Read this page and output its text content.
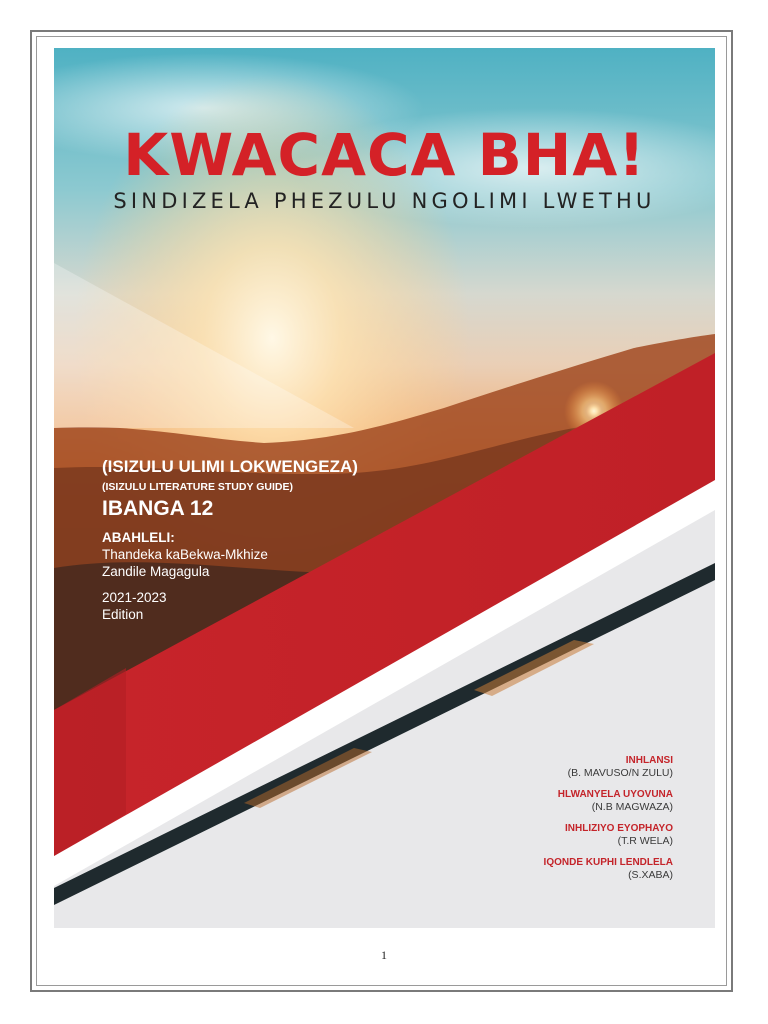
KWACACA BHA!
SINDIZELA PHEZULU NGOLIMI LWETHU

(ISIZULU ULIMI LOKWENGEZA)

(ISIZULU LITERATURE STUDY GUIDE)

IBANGA 12

ABAHLELI:

Thandeka kaBekwa-Mkhize

Zandile Magagula

2021-2023

Edition

INHLANSI
(B. MAVUSO/N ZULU)
HLWANYELA UYOVUNA
(N.B MAGWAZA)
INHLIZIYO EYOPHAYO
(T.R WELA)
IQONDE KUPHI LENDLELA
(S.XABA)
1
